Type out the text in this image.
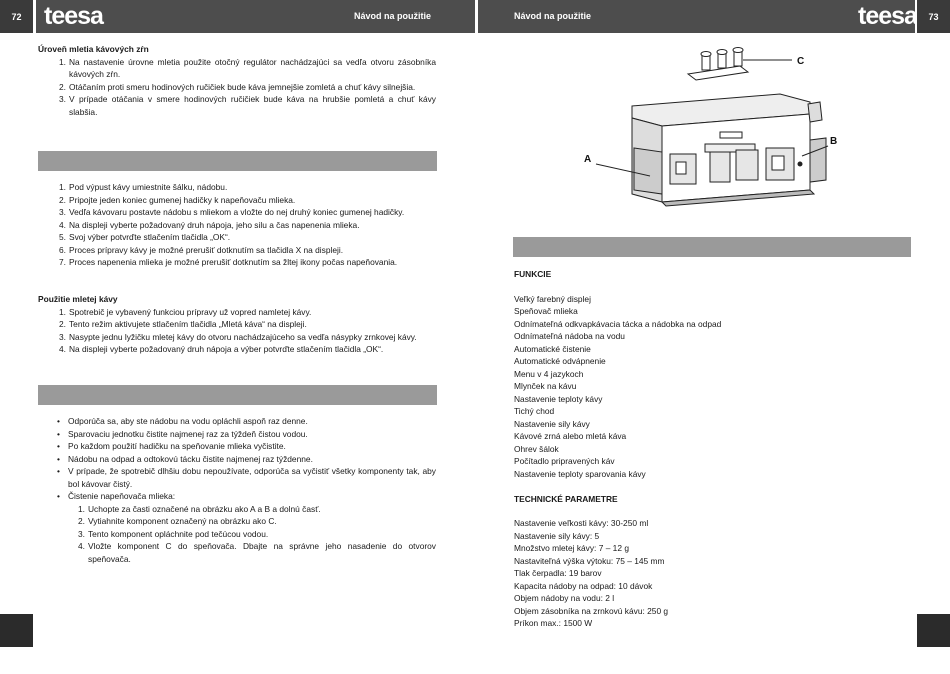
72 teesa	Návod na použitie	Návod na použitie	teesa	73
Úroveň mletia kávových zŕn
1. Na nastavenie úrovne mletia použite otočný regulátor nachádzajúci sa vedľa otvoru zásobníka kávových zŕn.
2. Otáčaním proti smeru hodinových ručičiek bude káva jemnejšie zomletá a chuť kávy silnejšia.
3. V prípade otáčania v smere hodinových ručičiek bude káva na hrubšie pomletá a chuť kávy slabšia.
1. Pod výpust kávy umiestnite šálku, nádobu.
2. Pripojte jeden koniec gumenej hadičky k napeňovaču mlieka.
3. Vedľa kávovaru postavte nádobu s mliekom a vložte do nej druhý koniec gumenej hadičky.
4. Na displeji vyberte požadovaný druh nápoja, jeho silu a čas napenenia mlieka.
5. Svoj výber potvrďte stlačením tlačidla „OK“.
6. Proces prípravy kávy je možné prerušiť dotknutím sa tlačidla X na displeji.
7. Proces napenenia mlieka je možné prerušiť dotknutím sa žltej ikony počas napeňovania.
Použitie mletej kávy
1. Spotrebič je vybavený funkciou prípravy už vopred namletej kávy.
2. Tento režim aktivujete stlačením tlačidla „Mletá káva“ na displeji.
3. Nasypte jednu lyžičku mletej kávy do otvoru nachádzajúceho sa vedľa násypky zrnkovej kávy.
4. Na displeji vyberte požadovaný druh nápoja a výber potvrďte stlačením tlačidla „OK“.
• Odporúča sa, aby ste nádobu na vodu opláchli aspoň raz denne.
• Sparovaciu jednotku čistite najmenej raz za týždeň čistou vodou.
• Po každom použití hadičku na speňovanie mlieka vyčistite.
• Nádobu na odpad a odtokovú tácku čistite najmenej raz týždenne.
• V prípade, že spotrebič dlhšiu dobu nepoužívate, odporúča sa vyčistiť všetky komponenty tak, aby bol kávovar čistý.
• Čistenie napeňovača mlieka:
1. Uchopte za časti označené na obrázku ako A a B a dolnú časť.
2. Vytiahnite komponent označený na obrázku ako C.
3. Tento komponent opláchnite pod tečúcou vodou.
4. Vložte komponent C do speňovača. Dbajte na správne jeho nasadenie do otvorov speňovača.
C
A
B
FUNKCIE
Veľký farebný displej
Speňovač mlieka
Odnímateľná odkvapkávacia tácka a nádobka na odpad
Odnímateľná nádoba na vodu
Automatické čistenie
Automatické odvápnenie
Menu v 4 jazykoch
Mlynček na kávu
Nastavenie teploty kávy
Tichý chod
Nastavenie sily kávy
Kávové zrná alebo mletá káva
Ohrev šálok
Počítadlo pripravených káv
Nastavenie teploty sparovania kávy
TECHNICKÉ PARAMETRE
Nastavenie veľkosti kávy: 30-250 ml
Nastavenie sily kávy: 5
Množstvo mletej kávy: 7 – 12 g
Nastaviteľná výška výtoku: 75 – 145 mm
Tlak čerpadla: 19 barov
Kapacita nádoby na odpad: 10 dávok
Objem nádoby na vodu: 2 l
Objem zásobníka na zrnkovú kávu: 250 g
Príkon max.: 1500 W
